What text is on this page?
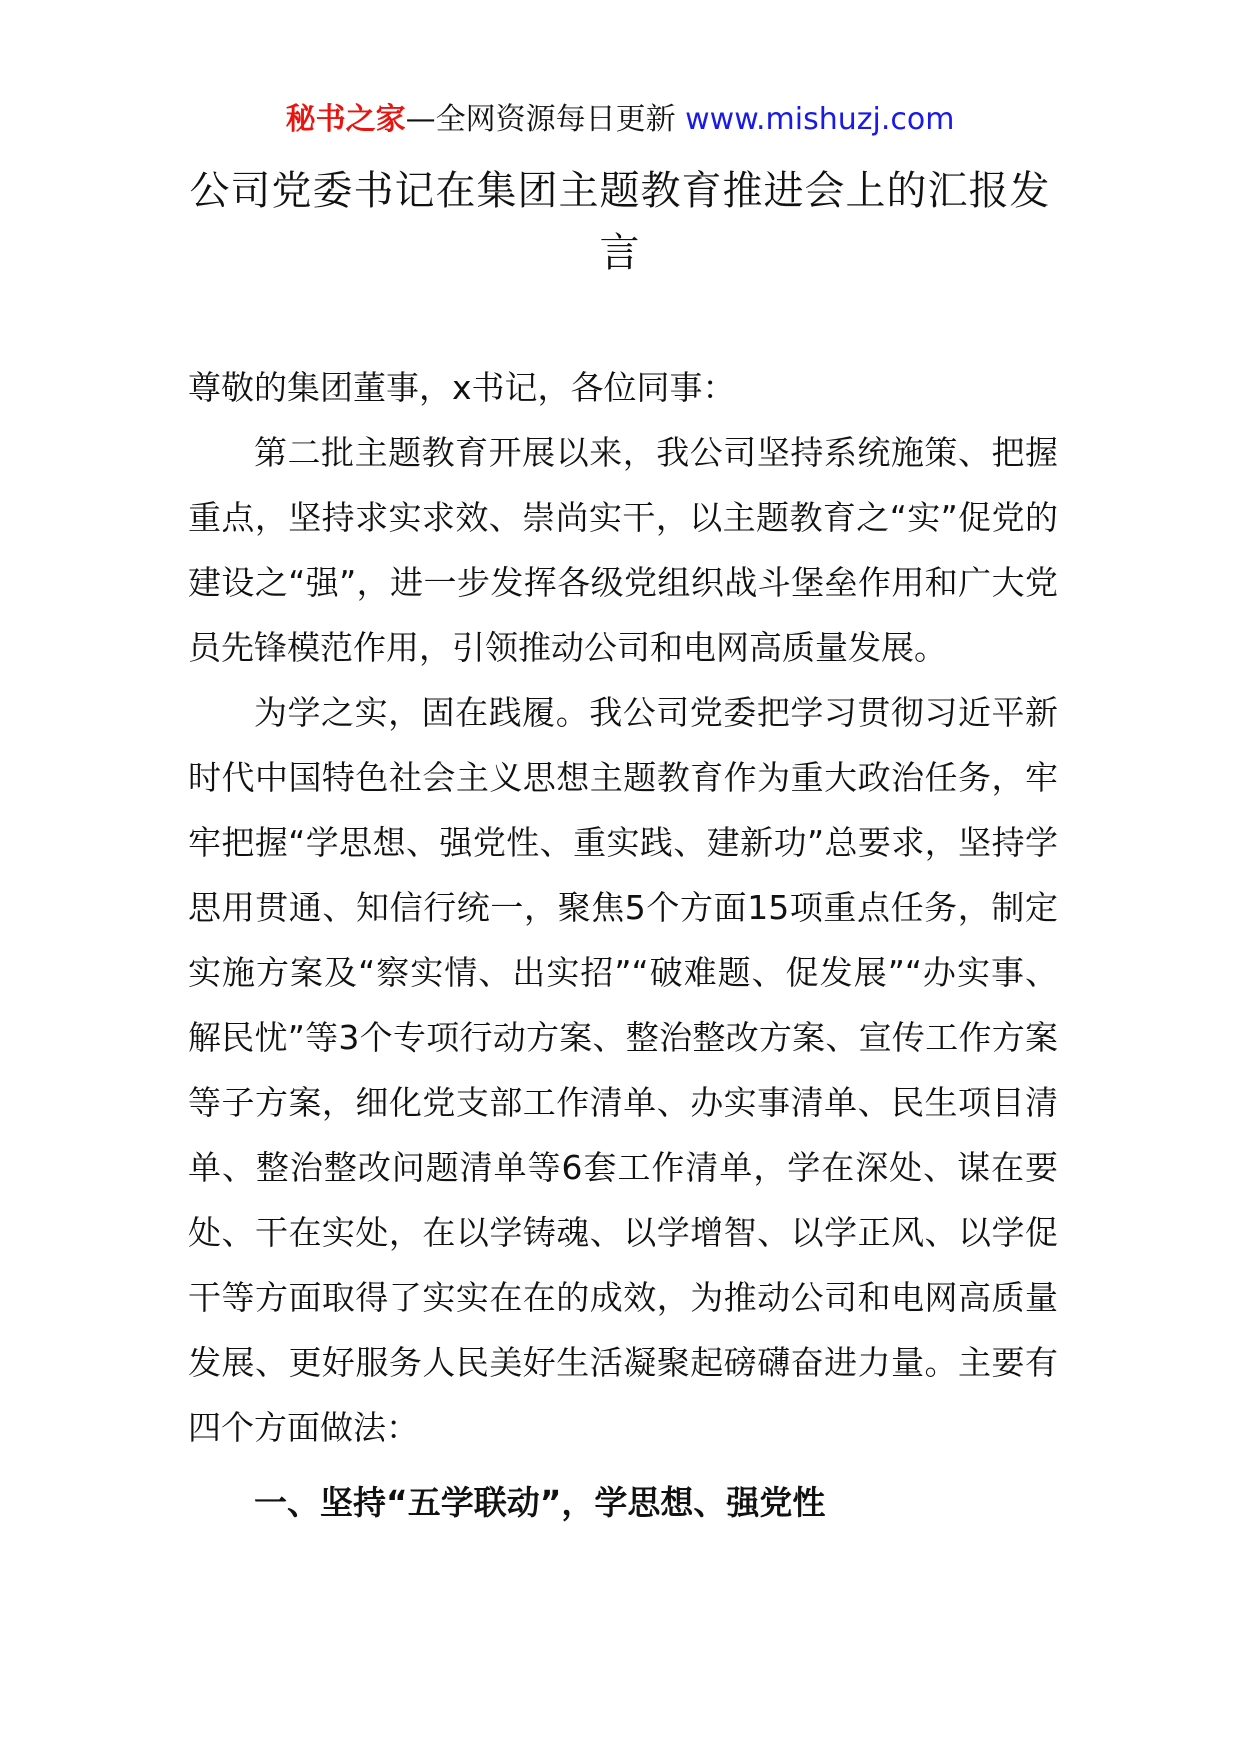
秘书之家—全网资源每日更新 www.mishuzj.com
公司党委书记在集团主题教育推进会上的汇报发言

尊敬的集团董事，x书记，各位同事：

第二批主题教育开展以来，我公司坚持系统施策、把握重点，坚持求实求效、崇尚实干，以主题教育之“实”促党的建设之“强”，进一步发挥各级党组织战斗堡垒作用和广大党员先锋模范作用，引领推动公司和电网高质量发展。

为学之实，固在践履。我公司党委把学习贯彻习近平新时代中国特色社会主义思想主题教育作为重大政治任务，牢牢把握“学思想、强党性、重实践、建新功”总要求，坚持学思用贯通、知信行统一，聚焦5个方面15项重点任务，制定实施方案及“察实情、出实招”“破难题、促发展”“办实事、解民忧”等3个专项行动方案、整治整改方案、宣传工作方案等子方案，细化党支部工作清单、办实事清单、民生项目清单、整治整改问题清单等6套工作清单，学在深处、谋在要处、干在实处，在以学铸魂、以学增智、以学正风、以学促干等方面取得了实实在在的成效，为推动公司和电网高质量发展、更好服务人民美好生活凝聚起磅礴奋进力量。主要有四个方面做法：

一、坚持“五学联动”，学思想、强党性
